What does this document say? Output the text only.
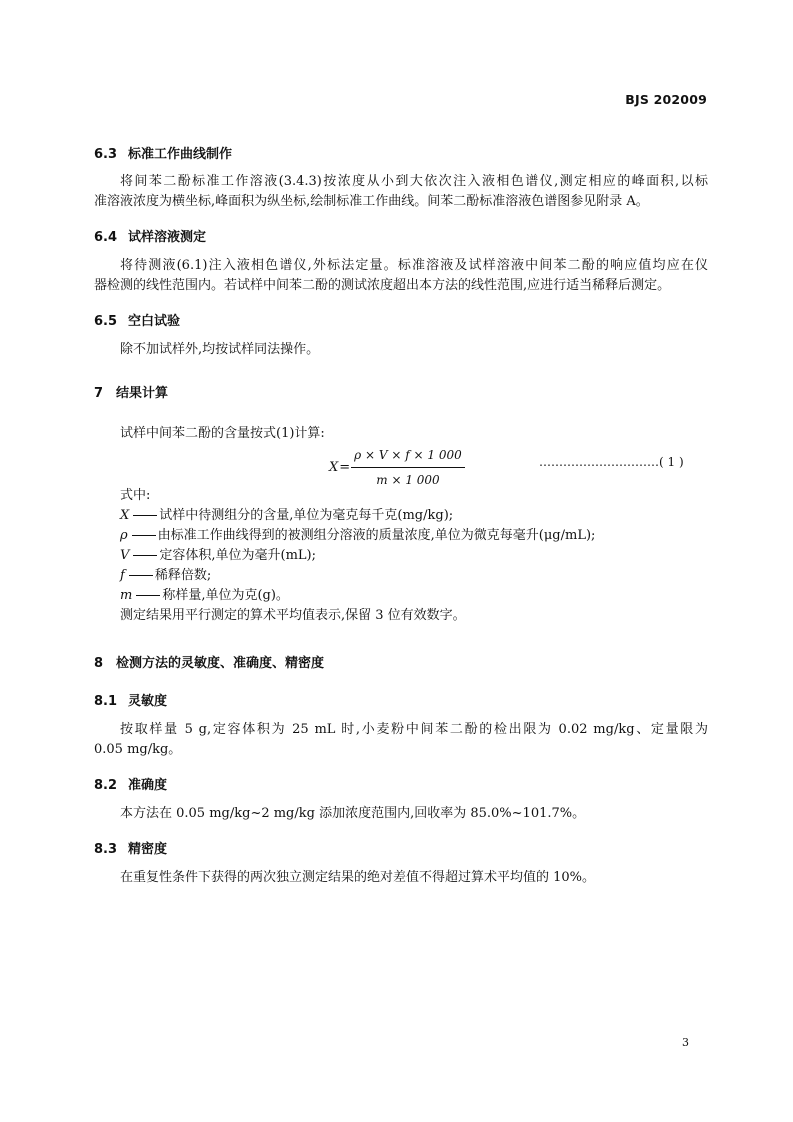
BJS 202009
6.3 标准工作曲线制作
将间苯二酚标准工作溶液(3.4.3)按浓度从小到大依次注入液相色谱仪,测定相应的峰面积,以标
准溶液浓度为横坐标,峰面积为纵坐标,绘制标准工作曲线。间苯二酚标准溶液色谱图参见附录 A。
6.4 试样溶液测定
将待测液(6.1)注入液相色谱仪,外标法定量。标准溶液及试样溶液中间苯二酚的响应值均应在仪
器检测的线性范围内。若试样中间苯二酚的测试浓度超出本方法的线性范围,应进行适当稀释后测定。
6.5 空白试验
除不加试样外,均按试样同法操作。
7 结果计算
试样中间苯二酚的含量按式(1)计算:
$X = \frac{\rho \times V \times f \times 1 000}{m \times 1 000}$	…………………………( 1 )
式中:
X 试样中待测组分的含量,单位为毫克每千克(mg/kg);
ρ 由标准工作曲线得到的被测组分溶液的质量浓度,单位为微克每毫升(μg/mL);
V 定容体积,单位为毫升(mL);
f 稀释倍数;
m 称样量,单位为克(g)。
测定结果用平行测定的算术平均值表示,保留 3 位有效数字。
8 检测方法的灵敏度、准确度、精密度
8.1 灵敏度
按取样量 5 g,定容体积为 25 mL 时,小麦粉中间苯二酚的检出限为 0.02 mg/kg、定量限为
0.05 mg/kg。
8.2 准确度
本方法在 0.05 mg/kg~2 mg/kg 添加浓度范围内,回收率为 85.0%~101.7%。
8.3 精密度
在重复性条件下获得的两次独立测定结果的绝对差值不得超过算术平均值的 10%。
3
